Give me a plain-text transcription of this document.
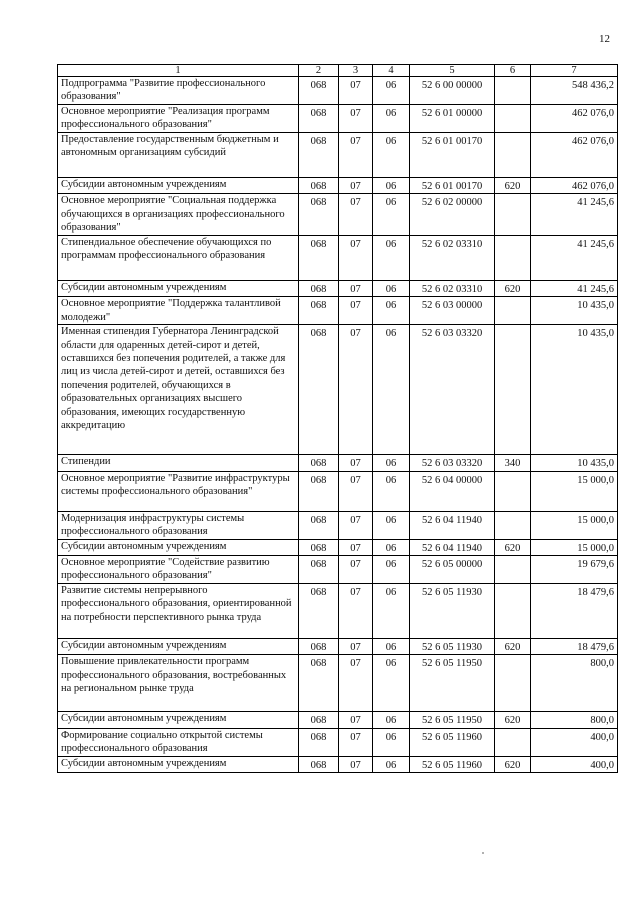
12
1	2	3	4	5	6	7
Подпрограмма "Развитие профессионального образования"	068	07	06	52 6 00 00000		548 436,2
Основное мероприятие "Реализация программ профессионального образования"	068	07	06	52 6 01 00000		462 076,0
Предоставление государственным бюджетным и автономным организациям субсидий	068	07	06	52 6 01 00170		462 076,0
Субсидии автономным учреждениям	068	07	06	52 6 01 00170	620	462 076,0
Основное мероприятие "Социальная поддержка обучающихся в организациях профессионального образования"	068	07	06	52 6 02 00000		41 245,6
Стипендиальное обеспечение обучающихся по программам профессионального образования	068	07	06	52 6 02 03310		41 245,6
Субсидии автономным учреждениям	068	07	06	52 6 02 03310	620	41 245,6
Основное мероприятие "Поддержка талантливой молодежи"	068	07	06	52 6 03 00000		10 435,0
Именная стипендия Губернатора Ленинградской области для одаренных детей-сирот и детей, оставшихся без попечения родителей, а также для лиц из числа детей-сирот и детей, оставшихся без попечения родителей, обучающихся в образовательных организациях высшего образования, имеющих государственную аккредитацию	068	07	06	52 6 03 03320		10 435,0
Стипендии	068	07	06	52 6 03 03320	340	10 435,0
Основное мероприятие "Развитие инфраструктуры системы профессионального образования"	068	07	06	52 6 04 00000		15 000,0
Модернизация инфраструктуры системы профессионального образования	068	07	06	52 6 04 11940		15 000,0
Субсидии автономным учреждениям	068	07	06	52 6 04 11940	620	15 000,0
Основное мероприятие "Содействие развитию профессионального образования"	068	07	06	52 6 05 00000		19 679,6
Развитие системы непрерывного профессионального образования, ориентированной на потребности перспективного рынка труда	068	07	06	52 6 05 11930		18 479,6
Субсидии автономным учреждениям	068	07	06	52 6 05 11930	620	18 479,6
Повышение привлекательности программ профессионального образования, востребованных на региональном рынке труда	068	07	06	52 6 05 11950		800,0
Субсидии автономным учреждениям	068	07	06	52 6 05 11950	620	800,0
Формирование социально открытой системы профессионального образования	068	07	06	52 6 05 11960		400,0
Субсидии автономным учреждениям	068	07	06	52 6 05 11960	620	400,0
